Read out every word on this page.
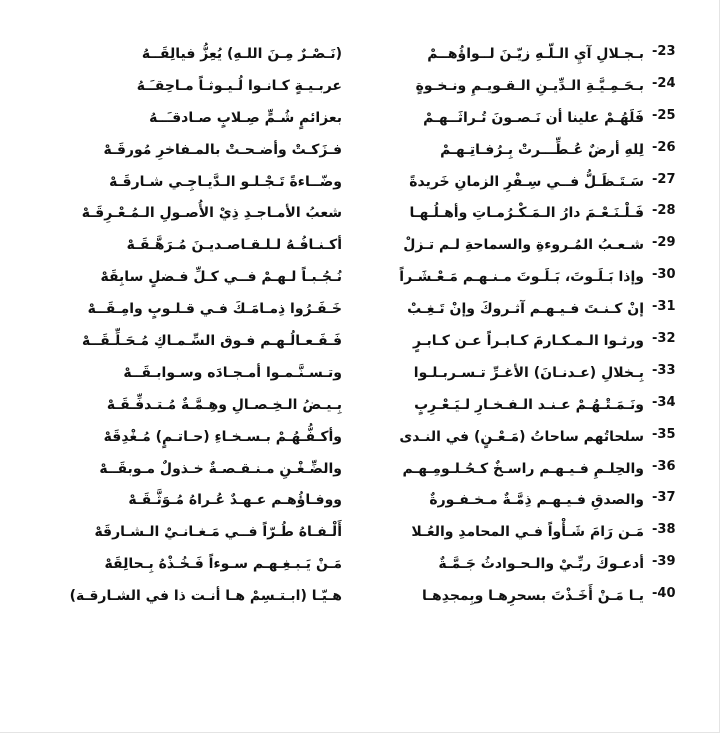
-23
بـجـلالِ آيِ الـلّـهِ زيّـنَ لــواؤُهــمْ
(نَـصْـرٌ مِـنَ اللـهِ) يُعِزُّ فيالِقَــهُ
-24
بـحَـمِـيَّـةِ الـدِّيـنِ الـقـويـمِ ونـخـوةٍ
عربـيـةٍ كـانـوا لُـيـوثـاً مـاحِقـَـهُ
-25
فَلَهُـمْ علينا أن نَـصـونَ تُـراثَــهـمْ
بعزائمٍ شُـمٍّ صِـلابٍ صـادقـَــهُ
-26
لِلهِ أرضٌ عُـطِّـــرتْ بِـرُفـاتِـهـمْ
فـزَكـتْ وأضـحـتْ بالمـفاخرِ مُورقَـهْ
-27
سَـتَـظَـلُّ فــي سِـفْرِ الزمانِ خَريدةً
وضّــاءةً تَـجْـلـو الـدَّيـاجِـي شـارقَـهْ
-28
فَـلْـنَـعْـمَ دارُ الـمَـكْـرُمـاتِ وأهـلُـهـا
شعبُ الأمـاجـدِ ذِيْ الأُصـولِ الـمُـعْـرِقَـهْ
-29
شـعـبُ المُـروءةِ والسماحةِ لـم تـزلْ
أكـنـافُـهُ لـلـقـاصـديـنَ مُـرَهَّـقَـهْ
-30
وإذا بَـلَـوتَ، بَـلَـوتَ مـنـهـم مَـعْـشَـراً
نُـجُـبـاً لـهـمْ فــي كـلِّ فـضلٍ سابِقَهْ
-31
إنْ كـنـتَ فـيـهـم آثـروكَ وإنْ تَـغِـبْ
خَـفَـرُوا ذِمـامَـكَ فـي قـلـوبٍ وامِـقَــهْ
-32
ورثـوا الـمـكـارمَ كـابـراً عـن كـابـرٍ
فَـفَـعـالُـهـم فـوق السِّـمـاكِ مُـحَـلِّـقَــهْ
-33
بِـخلالِ (عـدنـانَ) الأغـرِّ تـسـربـلـوا
وتـسـنَّـمـوا أمـجـادَه وسـوابـقَــهْ
-34
ونَـمَـتْـهُـمْ عـنـد الـفـخـارِ لـيَـعْـرِبٍ
بِـيـضُ الـخِـصـالِ وهِـمَّـةٌ مُـتـدفِّـقَـهْ
-35
سلحاتُهم ساحاتُ (مَـعْـنٍ) في النـدى
وأكـفُّـهُـمْ بـسـخـاءِ (حـاتـمٍ) مُـغْدِقَهْ
-36
والحِلـمِ فـيـهـم راسـخٌ كـحُـلـومِـهـم
والضِّـغْـنِ مـنـقـصـةٌ خـذولٌ مـوبقَــهْ
-37
والصدقِ فـيـهـم ذِمَّـةٌ مـخـفـورةٌ
ووفـاؤُهـم عـهـدٌ عُـراهُ مُـوَثَّـقَـهْ
-38
مَـن رَامَ شَـأْواً فـي المحامدِ والعُـلا
أَلْـفـاهُ طُـرّاً فــي مَـغـانـيْ الـشـارقَهْ
-39
أدعـوكَ ربِّـيْ والـحـوادثُ جَـمَّـةٌ
مَـنْ يَـبـغِـهـم سـوءاً فَـخُـذْهُ بِـحالِقَهْ
-40
يـا مَـنْ أَخَـذْتَ بسحرِهـا وبِمجدِهـا
هـيّـا (ابـتـسِمْ هـا أنـت ذا في الشـارقـة)
